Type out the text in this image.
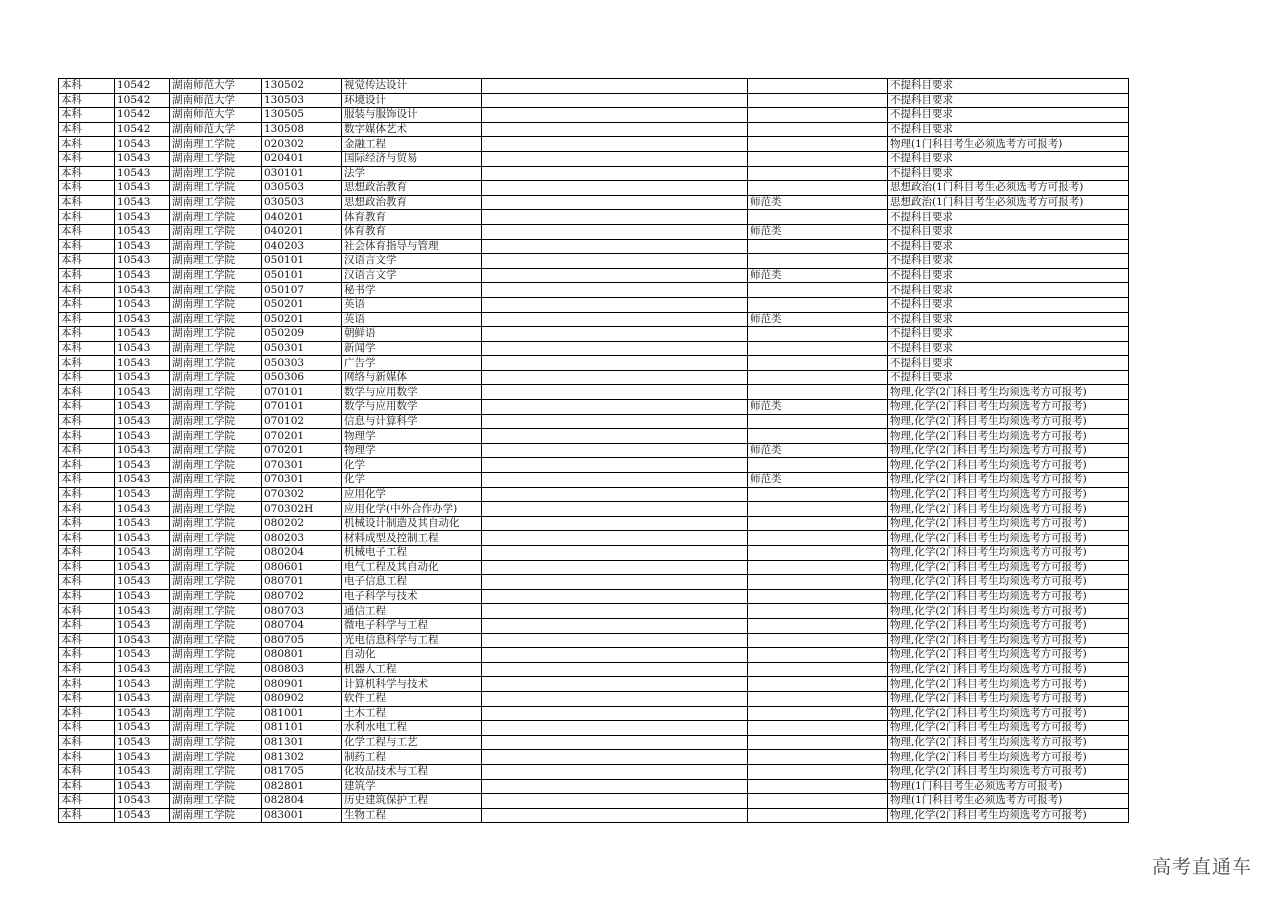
本科	10542	湖南师范大学	130502	视觉传达设计			不提科目要求
本科	10542	湖南师范大学	130503	环境设计			不提科目要求
本科	10542	湖南师范大学	130505	服装与服饰设计			不提科目要求
本科	10542	湖南师范大学	130508	数字媒体艺术			不提科目要求
本科	10543	湖南理工学院	020302	金融工程			物理(1门科目考生必须选考方可报考)
本科	10543	湖南理工学院	020401	国际经济与贸易			不提科目要求
本科	10543	湖南理工学院	030101	法学			不提科目要求
本科	10543	湖南理工学院	030503	思想政治教育			思想政治(1门科目考生必须选考方可报考)
本科	10543	湖南理工学院	030503	思想政治教育		师范类	思想政治(1门科目考生必须选考方可报考)
本科	10543	湖南理工学院	040201	体育教育			不提科目要求
本科	10543	湖南理工学院	040201	体育教育		师范类	不提科目要求
本科	10543	湖南理工学院	040203	社会体育指导与管理			不提科目要求
本科	10543	湖南理工学院	050101	汉语言文学			不提科目要求
本科	10543	湖南理工学院	050101	汉语言文学		师范类	不提科目要求
本科	10543	湖南理工学院	050107	秘书学			不提科目要求
本科	10543	湖南理工学院	050201	英语			不提科目要求
本科	10543	湖南理工学院	050201	英语		师范类	不提科目要求
本科	10543	湖南理工学院	050209	朝鲜语			不提科目要求
本科	10543	湖南理工学院	050301	新闻学			不提科目要求
本科	10543	湖南理工学院	050303	广告学			不提科目要求
本科	10543	湖南理工学院	050306	网络与新媒体			不提科目要求
本科	10543	湖南理工学院	070101	数学与应用数学			物理,化学(2门科目考生均须选考方可报考)
本科	10543	湖南理工学院	070101	数学与应用数学		师范类	物理,化学(2门科目考生均须选考方可报考)
本科	10543	湖南理工学院	070102	信息与计算科学			物理,化学(2门科目考生均须选考方可报考)
本科	10543	湖南理工学院	070201	物理学			物理,化学(2门科目考生均须选考方可报考)
本科	10543	湖南理工学院	070201	物理学		师范类	物理,化学(2门科目考生均须选考方可报考)
本科	10543	湖南理工学院	070301	化学			物理,化学(2门科目考生均须选考方可报考)
本科	10543	湖南理工学院	070301	化学		师范类	物理,化学(2门科目考生均须选考方可报考)
本科	10543	湖南理工学院	070302	应用化学			物理,化学(2门科目考生均须选考方可报考)
本科	10543	湖南理工学院	070302H	应用化学(中外合作办学)			物理,化学(2门科目考生均须选考方可报考)
本科	10543	湖南理工学院	080202	机械设计制造及其自动化			物理,化学(2门科目考生均须选考方可报考)
本科	10543	湖南理工学院	080203	材料成型及控制工程			物理,化学(2门科目考生均须选考方可报考)
本科	10543	湖南理工学院	080204	机械电子工程			物理,化学(2门科目考生均须选考方可报考)
本科	10543	湖南理工学院	080601	电气工程及其自动化			物理,化学(2门科目考生均须选考方可报考)
本科	10543	湖南理工学院	080701	电子信息工程			物理,化学(2门科目考生均须选考方可报考)
本科	10543	湖南理工学院	080702	电子科学与技术			物理,化学(2门科目考生均须选考方可报考)
本科	10543	湖南理工学院	080703	通信工程			物理,化学(2门科目考生均须选考方可报考)
本科	10543	湖南理工学院	080704	微电子科学与工程			物理,化学(2门科目考生均须选考方可报考)
本科	10543	湖南理工学院	080705	光电信息科学与工程			物理,化学(2门科目考生均须选考方可报考)
本科	10543	湖南理工学院	080801	自动化			物理,化学(2门科目考生均须选考方可报考)
本科	10543	湖南理工学院	080803	机器人工程			物理,化学(2门科目考生均须选考方可报考)
本科	10543	湖南理工学院	080901	计算机科学与技术			物理,化学(2门科目考生均须选考方可报考)
本科	10543	湖南理工学院	080902	软件工程			物理,化学(2门科目考生均须选考方可报考)
本科	10543	湖南理工学院	081001	土木工程			物理,化学(2门科目考生均须选考方可报考)
本科	10543	湖南理工学院	081101	水利水电工程			物理,化学(2门科目考生均须选考方可报考)
本科	10543	湖南理工学院	081301	化学工程与工艺			物理,化学(2门科目考生均须选考方可报考)
本科	10543	湖南理工学院	081302	制药工程			物理,化学(2门科目考生均须选考方可报考)
本科	10543	湖南理工学院	081705	化妆品技术与工程			物理,化学(2门科目考生均须选考方可报考)
本科	10543	湖南理工学院	082801	建筑学			物理(1门科目考生必须选考方可报考)
本科	10543	湖南理工学院	082804	历史建筑保护工程			物理(1门科目考生必须选考方可报考)
本科	10543	湖南理工学院	083001	生物工程			物理,化学(2门科目考生均须选考方可报考)
高考直通车
